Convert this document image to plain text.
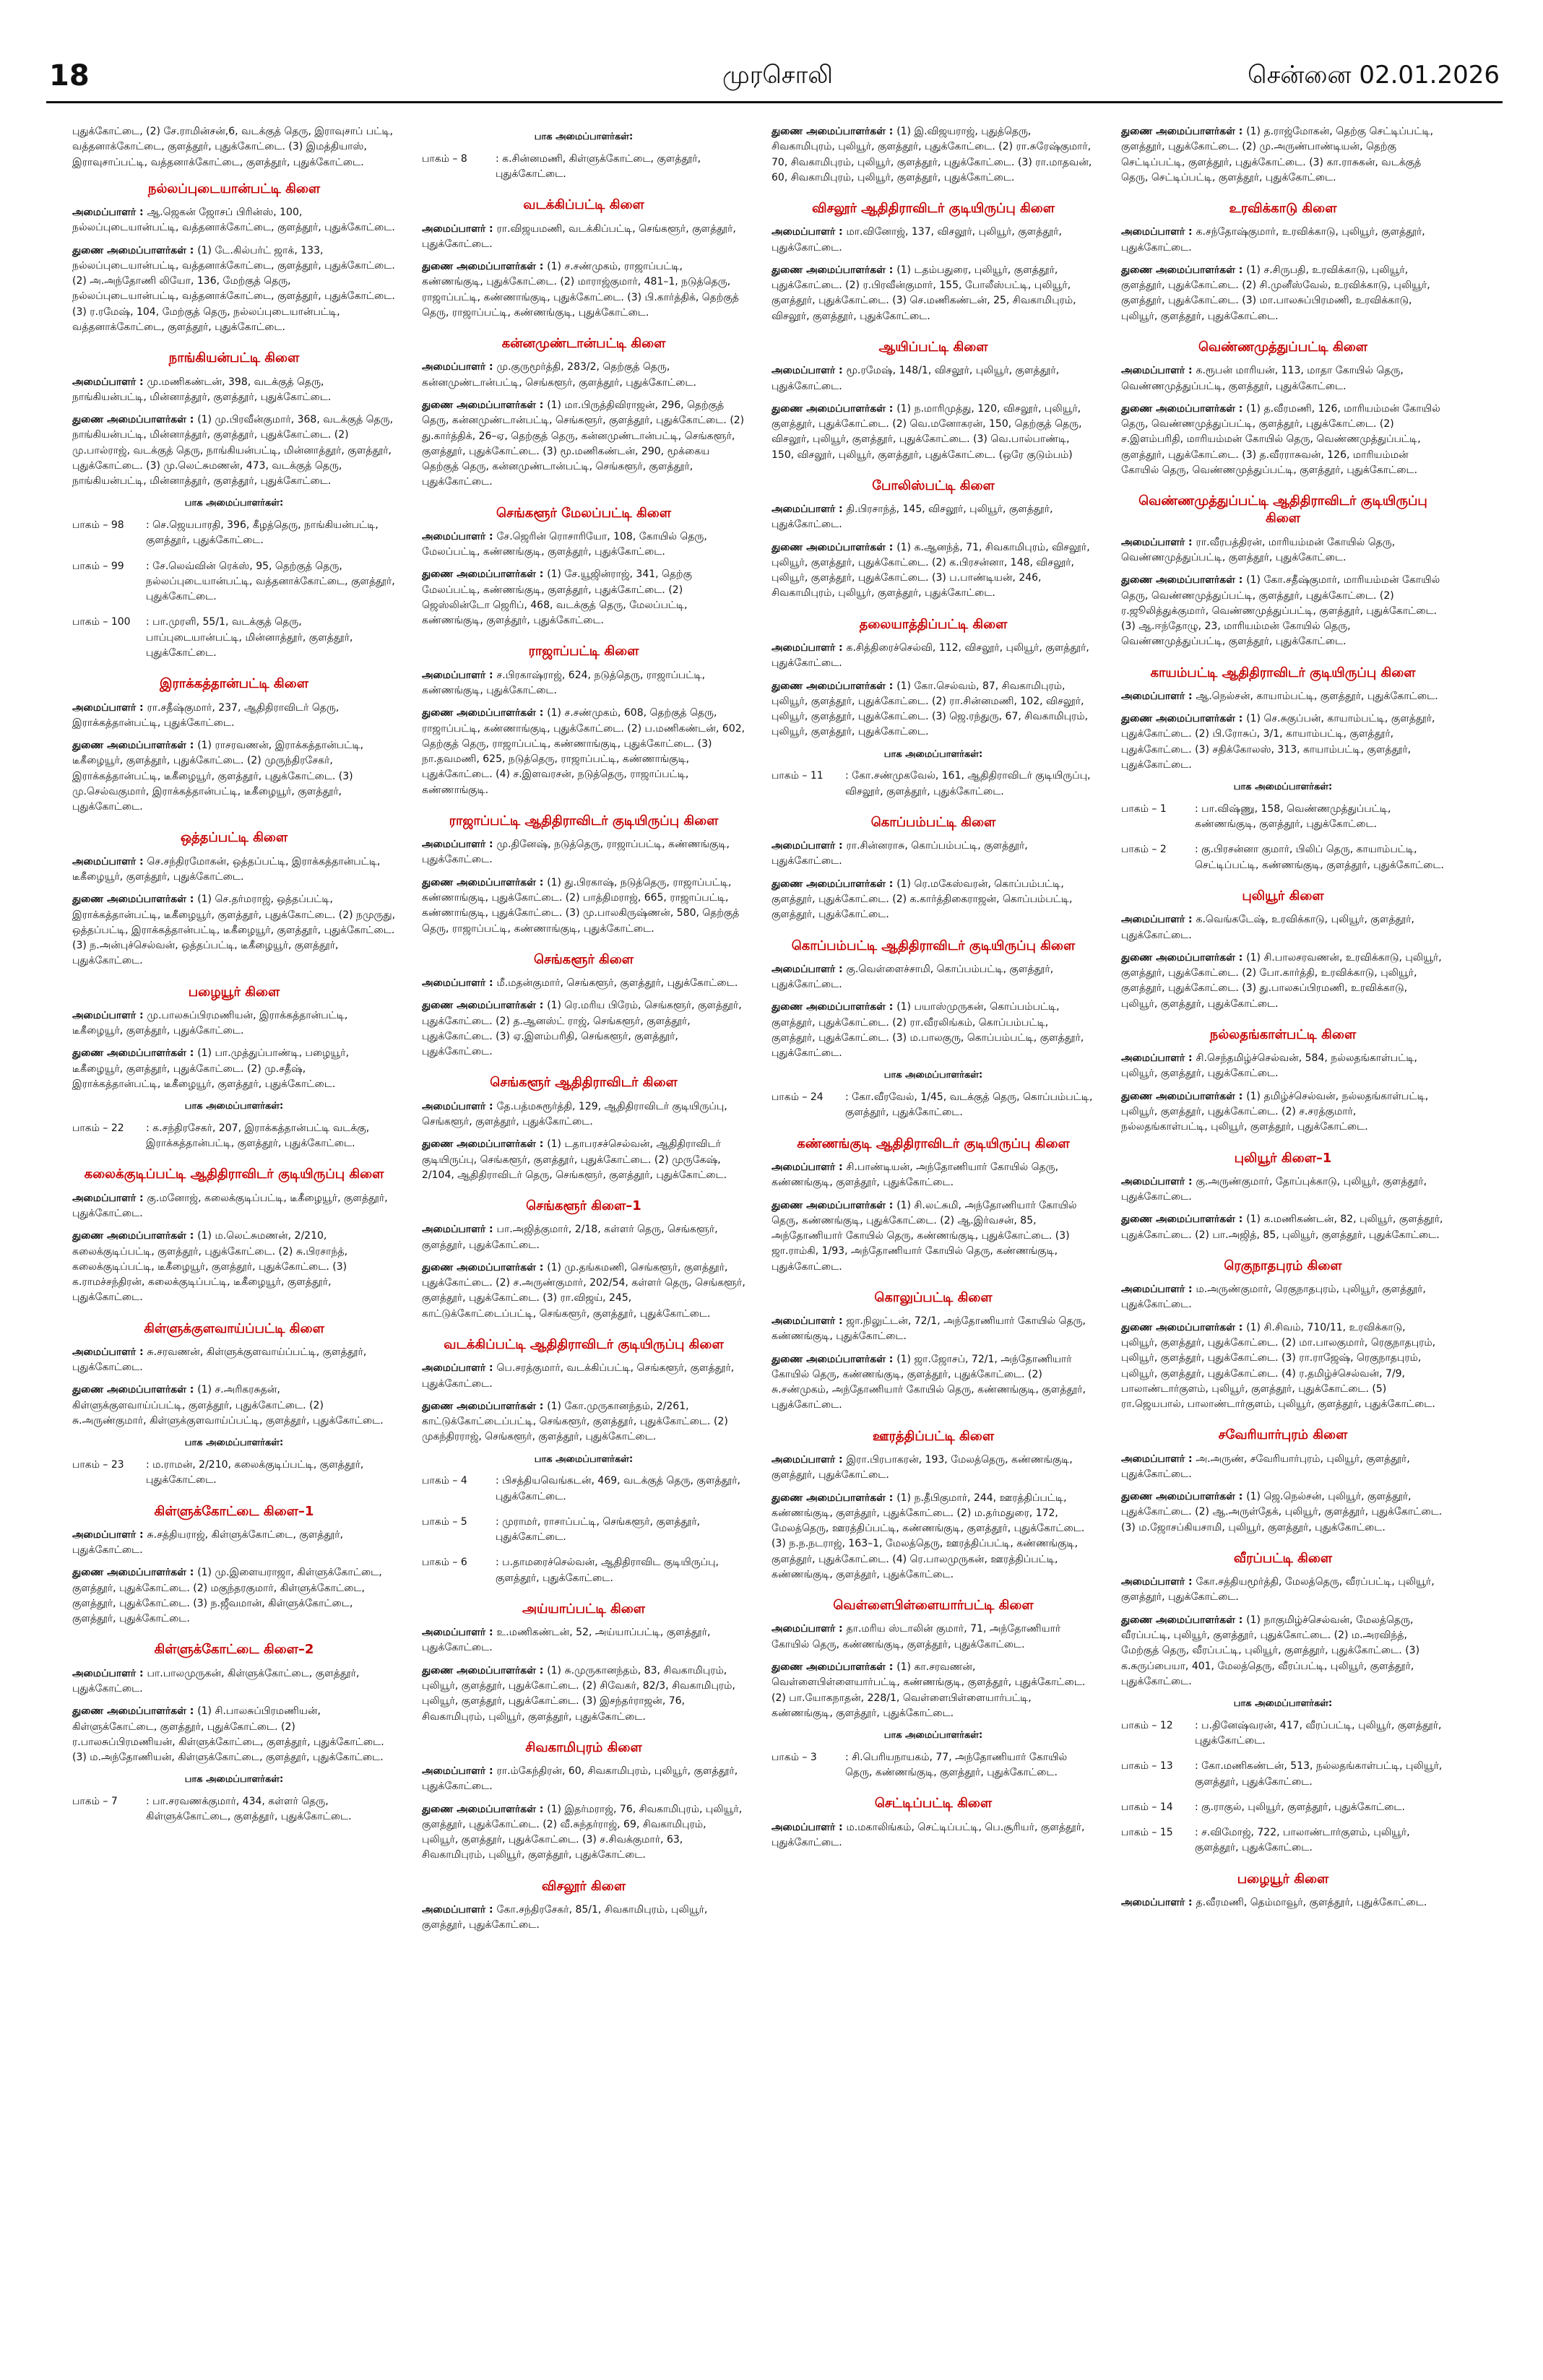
18	முரசொலி	சென்னை 02.01.2026

புதுக்கோட்டை, (2) சே.ராமின்சன்,6, வடக்குத் தெரு, இராவுசாப் பட்டி, வத்தனாக்கோட்டை, குளத்தூர், புதுக்கோட்டை. (3) இமத்தியாஸ், இராவுசாப்பட்டி, வத்தனாக்கோட்டை, குளத்தூர், புதுக்கோட்டை.

நல்லப்புடையான்பட்டி கிளை

அமைப்பாளர் : ஆ.ஜெகன் ஜோசப் பிரின்ஸ், 100, நல்லப்புடையான்பட்டி, வத்தனாக்கோட்டை, குளத்தூர், புதுக்கோட்டை.

துணை அமைப்பாளர்கள் : (1) டே.கில்பர்ட் ஜாக், 133, நல்லப்புடையான்பட்டி, வத்தனாக்கோட்டை, குளத்தூர், புதுக்கோட்டை. (2) அ.அந்தோணி லியோ, 136, மேற்குத் தெரு, நல்லப்புடையான்பட்டி, வத்தனாக்கோட்டை, குளத்தூர், புதுக்கோட்டை. (3) ர.ரமேஷ், 104, மேற்குத் தெரு, நல்லப்புடையான்பட்டி, வத்தனாக்கோட்டை, குளத்தூர், புதுக்கோட்டை.

நாங்கியன்பட்டி கிளை

அமைப்பாளர் : மு.மணிகண்டன், 398, வடக்குத் தெரு, நாங்கியன்பட்டி, மின்னாத்தூர், குளத்தூர், புதுக்கோட்டை.

துணை அமைப்பாளர்கள் : (1) மு.பிரவீன்குமார், 368, வடக்குத் தெரு, நாங்கியன்பட்டி, மின்னாத்தூர், குளத்தூர், புதுக்கோட்டை. (2) மு.பால்ராஜ், வடக்குத் தெரு, நாங்கியன்பட்டி, மின்னாத்தூர், குளத்தூர், புதுக்கோட்டை. (3) மு.லெட்சுமணன், 473, வடக்குத் தெரு, நாங்கியன்பட்டி, மின்னாத்தூர், குளத்தூர், புதுக்கோட்டை.

பாக அமைப்பாளர்கள்:
பாகம் – 98	: செ.ஜெயபாரதி, 396, கீழத்தெரு, நாங்கியன்பட்டி, குளத்தூர், புதுக்கோட்டை.
பாகம் – 99	: சே.லெவ்வின் ரெக்ஸ், 95, தெற்குத் தெரு, நல்லப்புடையான்பட்டி, வத்தனாக்கோட்டை, குளத்தூர், புதுக்கோட்டை.
பாகம் – 100	: பா.முரளி, 55/1, வடக்குத் தெரு, பாப்புடையான்பட்டி, மின்னாத்தூர், குளத்தூர், புதுக்கோட்டை.
இராக்கத்தான்பட்டி கிளை

அமைப்பாளர் : ரா.சதீஷ்குமார், 237, ஆதிதிராவிடர் தெரு, இராக்கத்தான்பட்டி, புதுக்கோட்டை.

துணை அமைப்பாளர்கள் : (1) ராசரவணன், இராக்கத்தான்பட்டி, டீகீழையூர், குளத்தூர், புதுக்கோட்டை. (2) முருந்திரசேகர், இராக்கத்தான்பட்டி, டீகீழையூர், குளத்தூர், புதுக்கோட்டை. (3) மு.செல்வகுமார், இராக்கத்தான்பட்டி, டீகீழையூர், குளத்தூர், புதுக்கோட்டை.

ஒத்தப்பட்டி கிளை

அமைப்பாளர் : செ.சந்திரமோகன், ஒத்தப்பட்டி, இராக்கத்தான்பட்டி, டீகீழையூர், குளத்தூர், புதுக்கோட்டை.

துணை அமைப்பாளர்கள் : (1) செ.தர்மராஜ், ஒத்தப்பட்டி, இராக்கத்தான்பட்டி, டீகீழையூர், குளத்தூர், புதுக்கோட்டை. (2) நமுருது, ஒத்தப்பட்டி, இராக்கத்தான்பட்டி, டீகீழையூர், குளத்தூர், புதுக்கோட்டை. (3) ந.அன்புச்செல்வன், ஒத்தப்பட்டி, டீகீழையூர், குளத்தூர், புதுக்கோட்டை.

பழையூர் கிளை

அமைப்பாளர் : மு.பாலசுப்பிரமணியன், இராக்கத்தான்பட்டி, டீகீழையூர், குளத்தூர், புதுக்கோட்டை.

துணை அமைப்பாளர்கள் : (1) பா.முத்துப்பாண்டி, பழையூர், டீகீழையூர், குளத்தூர், புதுக்கோட்டை. (2) மு.சதீஷ், இராக்கத்தான்பட்டி, டீகீழையூர், குளத்தூர், புதுக்கோட்டை.

பாக அமைப்பாளர்கள்:
பாகம் – 22	: க.சந்திரசேகர், 207, இராக்கத்தான்பட்டி வடக்கு, இராக்கத்தான்பட்டி, குளத்தூர், புதுக்கோட்டை.
கலைக்குடிப்பட்டி ஆதிதிராவிடர் குடியிருப்பு கிளை

அமைப்பாளர் : கு.மனோஜ், கலைக்குடிப்பட்டி, டீகீழையூர், குளத்தூர், புதுக்கோட்டை.

துணை அமைப்பாளர்கள் : (1) ம.லெட்சுமணன், 2/210, கலைக்குடிப்பட்டி, குளத்தூர், புதுக்கோட்டை. (2) சு.பிரசாந்த், கலைக்குடிப்பட்டி, டீகீழையூர், குளத்தூர், புதுக்கோட்டை. (3) க.ராமச்சந்திரன், கலைக்குடிப்பட்டி, டீகீழையூர், குளத்தூர், புதுக்கோட்டை.

கிள்ளுக்குளவாய்ப்பட்டி கிளை

அமைப்பாளர் : சு.சரவணன், கிள்ளுக்குளவாய்ப்பட்டி, குளத்தூர், புதுக்கோட்டை.

துணை அமைப்பாளர்கள் : (1) ச.அரிகரசுதன், கிள்ளுக்குளவாய்ப்பட்டி, குளத்தூர், புதுக்கோட்டை. (2) சு.அருண்குமார், கிள்ளுக்குளவாய்ப்பட்டி, குளத்தூர், புதுக்கோட்டை.

பாக அமைப்பாளர்கள்:
பாகம் – 23	: ம.ராமன், 2/210, கலைக்குடிப்பட்டி, குளத்தூர், புதுக்கோட்டை.
கிள்ளுக்கோட்டை கிளை–1

அமைப்பாளர் : சு.சத்தியராஜ், கிள்ளுக்கோட்டை, குளத்தூர், புதுக்கோட்டை.

துணை அமைப்பாளர்கள் : (1) மு.இளையராஜா, கிள்ளுக்கோட்டை, குளத்தூர், புதுக்கோட்டை. (2) மகுந்தரகுமார், கிள்ளுக்கோட்டை, குளத்தூர், புதுக்கோட்டை. (3) ந.ஜீவமான், கிள்ளுக்கோட்டை, குளத்தூர், புதுக்கோட்டை.

கிள்ளுக்கோட்டை கிளை–2

அமைப்பாளர் : பா.பாலமுருகன், கிள்ளுக்கோட்டை, குளத்தூர், புதுக்கோட்டை.

துணை அமைப்பாளர்கள் : (1) சி.பாலசுப்பிரமணியன், கிள்ளுக்கோட்டை, குளத்தூர், புதுக்கோட்டை. (2) ர.பாலசுப்பிரமணியன், கிள்ளுக்கோட்டை, குளத்தூர், புதுக்கோட்டை. (3) ம.அந்தோணியன், கிள்ளுக்கோட்டை, குளத்தூர், புதுக்கோட்டை.

பாக அமைப்பாளர்கள்:
பாகம் – 7	: பா.சரவணக்குமார், 434, கள்ளர் தெரு, கிள்ளுக்கோட்டை, குளத்தூர், புதுக்கோட்டை.
பாக அமைப்பாளர்கள்:
பாகம் – 8	: க.சின்னமணி, கிள்ளுக்கோட்டை, குளத்தூர், புதுக்கோட்டை.
வடக்கிப்பட்டி கிளை

அமைப்பாளர் : ரா.விஜயமணி, வடக்கிப்பட்டி, செங்களூர், குளத்தூர், புதுக்கோட்டை.

துணை அமைப்பாளர்கள் : (1) ச.சண்முகம், ராஜாப்பட்டி, கண்ணங்குடி, புதுக்கோட்டை. (2) மாராஜ்குமார், 481–1, நடுத்தெரு, ராஜாப்பட்டி, கண்ணாங்குடி, புதுக்கோட்டை. (3) பி.கார்த்திக், தெற்குத் தெரு, ராஜாப்பட்டி, கண்ணங்குடி, புதுக்கோட்டை.

கன்னமுண்டான்பட்டி கிளை

அமைப்பாளர் : மு.குருமூர்த்தி, 283/2, தெற்குத் தெரு, கன்னமுண்டான்பட்டி, செங்களூர், குளத்தூர், புதுக்கோட்டை.

துணை அமைப்பாளர்கள் : (1) மா.பிருத்திவிராஜன், 296, தெற்குத் தெரு, கன்னமுண்டான்பட்டி, செங்களூர், குளத்தூர், புதுக்கோட்டை. (2) து.கார்த்திக், 26–ஏ, தெற்குத் தெரு, கன்னமுண்டான்பட்டி, செங்களூர், குளத்தூர், புதுக்கோட்டை. (3) மூ.மணிகண்டன், 290, மூக்கைய தெற்குத் தெரு, கன்னமுண்டான்பட்டி, செங்களூர், குளத்தூர், புதுக்கோட்டை.

செங்களூர் மேலப்பட்டி கிளை

அமைப்பாளர் : சே.ஜெரின் ரொசாரியோ, 108, கோயில் தெரு, மேலப்பட்டி, கண்ணங்குடி, குளத்தூர், புதுக்கோட்டை.

துணை அமைப்பாளர்கள் : (1) சே.யூஜின்ராஜ், 341, தெற்கு மேலப்பட்டி, கண்ணங்குடி, குளத்தூர், புதுக்கோட்டை. (2) ஜெஸ்லின்டோ ஜெரிப், 468, வடக்குத் தெரு, மேலப்பட்டி, கண்ணங்குடி, குளத்தூர், புதுக்கோட்டை.

ராஜாப்பட்டி கிளை

அமைப்பாளர் : ச.பிரகாஷ்ராஜ், 624, நடுத்தெரு, ராஜாப்பட்டி, கண்ணங்குடி, புதுக்கோட்டை.

துணை அமைப்பாளர்கள் : (1) ச.சண்முகம், 608, தெற்குத் தெரு, ராஜாப்பட்டி, கண்ணாங்குடி, புதுக்கோட்டை. (2) ப.மணிகண்டன், 602, தெற்குத் தெரு, ராஜாப்பட்டி, கண்ணாங்குடி, புதுக்கோட்டை. (3) நா.தவமணி, 625, நடுத்தெரு, ராஜாப்பட்டி, கண்ணாங்குடி, புதுக்கோட்டை. (4) ச.இளவரசன், நடுத்தெரு, ராஜாப்பட்டி, கண்ணாங்குடி.

ராஜாப்பட்டி ஆதிதிராவிடர் குடியிருப்பு கிளை

அமைப்பாளர் : மு.தினேஷ், நடுத்தெரு, ராஜாப்பட்டி, கண்ணங்குடி, புதுக்கோட்டை.

துணை அமைப்பாளர்கள் : (1) து.பிரகாஷ், நடுத்தெரு, ராஜாப்பட்டி, கண்ணாங்குடி, புதுக்கோட்டை. (2) பாத்திமராஜ், 665, ராஜாப்பட்டி, கண்ணாங்குடி, புதுக்கோட்டை. (3) மு.பாலகிருஷ்ணன், 580, தெற்குத் தெரு, ராஜாப்பட்டி, கண்ணாங்குடி, புதுக்கோட்டை.

செங்களூர் கிளை

அமைப்பாளர் : மீ.மதன்குமார், செங்களூர், குளத்தூர், புதுக்கோட்டை.

துணை அமைப்பாளர்கள் : (1) ரெ.மரிய பிரேம், செங்களூர், குளத்தூர், புதுக்கோட்டை. (2) த.ஆனஸ்ட் ராஜ், செங்களூர், குளத்தூர், புதுக்கோட்டை. (3) ஏ.இளம்பரிதி, செங்களூர், குளத்தூர், புதுக்கோட்டை.

செங்களூர் ஆதிதிராவிடர் கிளை

அமைப்பாளர் : தே.பத்மசுரூர்த்தி, 129, ஆதிதிராவிடர் குடியிருப்பு, செங்களூர், குளத்தூர், புதுக்கோட்டை.

துணை அமைப்பாளர்கள் : (1) டதாபரசச்செல்வன், ஆதிதிராவிடர் குடியிருப்பு, செங்களூர், குளத்தூர், புதுக்கோட்டை. (2) முருகேஷ், 2/104, ஆதிதிராவிடர் தெரு, செங்களூர், குளத்தூர், புதுக்கோட்டை.

செங்களூர் கிளை–1

அமைப்பாளர் : பா.அஜித்குமார், 2/18, கள்ளர் தெரு, செங்களூர், குளத்தூர், புதுக்கோட்டை.

துணை அமைப்பாளர்கள் : (1) மு.தங்கமணி, செங்களூர், குளத்தூர், புதுக்கோட்டை. (2) ச.அருண்குமார், 202/54, கள்ளர் தெரு, செங்களூர், குளத்தூர், புதுக்கோட்டை. (3) ரா.விஜய், 245, காட்டுக்கோட்டைப்பட்டி, செங்களூர், குளத்தூர், புதுக்கோட்டை.

வடக்கிப்பட்டி ஆதிதிராவிடர் குடியிருப்பு கிளை

அமைப்பாளர் : பெ.சரத்குமார், வடக்கிப்பட்டி, செங்களூர், குளத்தூர், புதுக்கோட்டை.

துணை அமைப்பாளர்கள் : (1) கோ.முருகானந்தம், 2/261, காட்டுக்கோட்டைப்பட்டி, செங்களூர், குளத்தூர், புதுக்கோட்டை. (2) முகந்திரராஜ், செங்களூர், குளத்தூர், புதுக்கோட்டை.

பாக அமைப்பாளர்கள்:
பாகம் – 4	: பிசத்தியவெங்கடன், 469, வடக்குத் தெரு, குளத்தூர், புதுக்கோட்டை.
பாகம் – 5	: முராமர், ராசாப்பட்டி, செங்களூர், குளத்தூர், புதுக்கோட்டை.
பாகம் – 6	: ப.தாமரைச்செல்வன், ஆதிதிராவிட குடியிருப்பு, குளத்தூர், புதுக்கோட்டை.
அய்யாப்பட்டி கிளை

அமைப்பாளர் : உ.மணிகண்டன், 52, அய்யாப்பட்டி, குளத்தூர், புதுக்கோட்டை.

துணை அமைப்பாளர்கள் : (1) சு.முருகானந்தம், 83, சிவகாமிபுரம், புலியூர், குளத்தூர், புதுக்கோட்டை. (2) சிவேகர், 82/3, சிவகாமிபுரம், புலியூர், குளத்தூர், புதுக்கோட்டை. (3) இசந்தர்ராஜன், 76, சிவகாமிபுரம், புலியூர், குளத்தூர், புதுக்கோட்டை.

சிவகாமிபுரம் கிளை

அமைப்பாளர் : ரா.ம்கேந்திரன், 60, சிவகாமிபுரம், புலியூர், குளத்தூர், புதுக்கோட்டை.

துணை அமைப்பாளர்கள் : (1) இதர்மராஜ், 76, சிவகாமிபுரம், புலியூர், குளத்தூர், புதுக்கோட்டை. (2) வீ.சுந்தர்ராஜ், 69, சிவகாமிபுரம், புலியூர், குளத்தூர், புதுக்கோட்டை. (3) ச.சிவக்குமார், 63, சிவகாமிபுரம், புலியூர், குளத்தூர், புதுக்கோட்டை.

விசலூர் கிளை

அமைப்பாளர் : கோ.சந்திரசேகர், 85/1, சிவகாமிபுரம், புலியூர், குளத்தூர், புதுக்கோட்டை.

துணை அமைப்பாளர்கள் : (1) இ.விஜயராஜ், புதுத்தெரு, சிவகாமிபுரம், புலியூர், குளத்தூர், புதுக்கோட்டை. (2) ரா.சுரேஷ்குமார், 70, சிவகாமிபுரம், புலியூர், குளத்தூர், புதுக்கோட்டை. (3) ரா.மாதவன், 60, சிவகாமிபுரம், புலியூர், குளத்தூர், புதுக்கோட்டை.

விசலூர் ஆதிதிராவிடர் குடியிருப்பு கிளை

அமைப்பாளர் : மா.வினோஜ், 137, விசலூர், புலியூர், குளத்தூர், புதுக்கோட்டை.

துணை அமைப்பாளர்கள் : (1) டதம்பதுரை, புலியூர், குளத்தூர், புதுக்கோட்டை. (2) ர.பிரவீன்குமார், 155, போலீஸ்பட்டி, புலியூர், குளத்தூர், புதுக்கோட்டை. (3) செ.மணிகண்டன், 25, சிவகாமிபுரம், விசலூர், குளத்தூர், புதுக்கோட்டை.

ஆயிப்பட்டி கிளை

அமைப்பாளர் : மூ.ரமேஷ், 148/1, விசலூர், புலியூர், குளத்தூர், புதுக்கோட்டை.

துணை அமைப்பாளர்கள் : (1) ந.மாரிமுத்து, 120, விசலூர், புலியூர், குளத்தூர், புதுக்கோட்டை. (2) வெ.மனோகரன், 150, தெற்குத் தெரு, விசலூர், புலியூர், குளத்தூர், புதுக்கோட்டை. (3) வெ.பால்பாண்டி, 150, விசலூர், புலியூர், குளத்தூர், புதுக்கோட்டை. (ஒரே குடும்பம்)

போலிஸ்பட்டி கிளை

அமைப்பாளர் : தி.பிரசாந்த், 145, விசலூர், புலியூர், குளத்தூர், புதுக்கோட்டை.

துணை அமைப்பாளர்கள் : (1) க.ஆனந்த், 71, சிவகாமிபுரம், விசலூர், புலியூர், குளத்தூர், புதுக்கோட்டை. (2) க.பிரசன்னா, 148, விசலூர், புலியூர், குளத்தூர், புதுக்கோட்டை. (3) ப.பாண்டியன், 246, சிவகாமிபுரம், புலியூர், குளத்தூர், புதுக்கோட்டை.

தலையாத்திப்பட்டி கிளை

அமைப்பாளர் : க.சித்திரைச்செல்வி, 112, விசலூர், புலியூர், குளத்தூர், புதுக்கோட்டை.

துணை அமைப்பாளர்கள் : (1) கோ.செல்வம், 87, சிவகாமிபுரம், புலியூர், குளத்தூர், புதுக்கோட்டை. (2) ரா.சின்னமணி, 102, விசலூர், புலியூர், குளத்தூர், புதுக்கோட்டை. (3) ஜெ.ரந்துரு, 67, சிவகாமிபுரம், புலியூர், குளத்தூர், புதுக்கோட்டை.

பாக அமைப்பாளர்கள்:
பாகம் – 11	: கோ.சண்முகவேல், 161, ஆதிதிராவிடர் குடியிருப்பு, விசலூர், குளத்தூர், புதுக்கோட்டை.
கொப்பம்பட்டி கிளை

அமைப்பாளர் : ரா.சின்னராசு, கொப்பம்பட்டி, குளத்தூர், புதுக்கோட்டை.

துணை அமைப்பாளர்கள் : (1) ரெ.மகேஸ்வரன், கொப்பம்பட்டி, குளத்தூர், புதுக்கோட்டை. (2) க.கார்த்திகைராஜன், கொப்பம்பட்டி, குளத்தூர், புதுக்கோட்டை.

கொப்பம்பட்டி ஆதிதிராவிடர் குடியிருப்பு கிளை

அமைப்பாளர் : கு.வெள்ளைச்சாமி, கொப்பம்பட்டி, குளத்தூர், புதுக்கோட்டை.

துணை அமைப்பாளர்கள் : (1) பயாஸ்முருகன், கொப்பம்பட்டி, குளத்தூர், புதுக்கோட்டை. (2) ரா.வீரலிங்கம், கொப்பம்பட்டி, குளத்தூர், புதுக்கோட்டை. (3) ம.பாலகுரு, கொப்பம்பட்டி, குளத்தூர், புதுக்கோட்டை.

பாக அமைப்பாளர்கள்:
பாகம் – 24	: கோ.வீரவேல், 1/45, வடக்குத் தெரு, கொப்பம்பட்டி, குளத்தூர், புதுக்கோட்டை.
கண்ணங்குடி ஆதிதிராவிடர் குடியிருப்பு கிளை

அமைப்பாளர் : சி.பாண்டியன், அந்தோணியார் கோயில் தெரு, கண்ணங்குடி, குளத்தூர், புதுக்கோட்டை.

துணை அமைப்பாளர்கள் : (1) சி.லட்சுமி, அந்தோணியார் கோயில் தெரு, கண்ணங்குடி, புதுக்கோட்டை. (2) ஆ.இர்வசன், 85, அந்தோணியார் கோயில் தெரு, கண்ணங்குடி, புதுக்கோட்டை. (3) ஜா.ராம்கி, 1/93, அந்தோணியார் கோயில் தெரு, கண்ணங்குடி, புதுக்கோட்டை.

கொலுப்பட்டி கிளை

அமைப்பாளர் : ஜா.நிலுட்டன், 72/1, அந்தோணியார் கோயில் தெரு, கண்ணங்குடி, புதுக்கோட்டை.

துணை அமைப்பாளர்கள் : (1) ஜா.ஜோசப், 72/1, அந்தோணியார் கோயில் தெரு, கண்ணங்குடி, குளத்தூர், புதுக்கோட்டை. (2) சு.சண்முகம், அந்தோணியார் கோயில் தெரு, கண்ணங்குடி, குளத்தூர், புதுக்கோட்டை.

ஊரத்திப்பட்டி கிளை

அமைப்பாளர் : இரா.பிரபாகரன், 193, மேலத்தெரு, கண்ணங்குடி, குளத்தூர், புதுக்கோட்டை.

துணை அமைப்பாளர்கள் : (1) ந.தீபிகுமார், 244, ஊரத்திப்பட்டி, கண்ணங்குடி, குளத்தூர், புதுக்கோட்டை. (2) ம.தர்மதுரை, 172, மேலத்தெரு, ஊரத்திப்பட்டி, கண்ணங்குடி, குளத்தூர், புதுக்கோட்டை. (3) ந.ந.நடராஜ், 163–1, மேலத்தெரு, ஊரத்திப்பட்டி, கண்ணங்குடி, குளத்தூர், புதுக்கோட்டை. (4) ரெ.பாலமுருகன், ஊரத்திப்பட்டி, கண்ணங்குடி, குளத்தூர், புதுக்கோட்டை.

வெள்ளைபிள்ளையார்பட்டி கிளை

அமைப்பாளர் : தா.மரிய ஸ்டாலின் குமார், 71, அந்தோணியார் கோயில் தெரு, கண்ணங்குடி, குளத்தூர், புதுக்கோட்டை.

துணை அமைப்பாளர்கள் : (1) கா.சரவணன், வெள்ளைபிள்ளையார்பட்டி, கண்ணங்குடி, குளத்தூர், புதுக்கோட்டை. (2) பா.யோகநாதன், 228/1, வெள்ளைபிள்ளையார்பட்டி, கண்ணங்குடி, குளத்தூர், புதுக்கோட்டை.

பாக அமைப்பாளர்கள்:
பாகம் – 3	: சி.பெரியநாயகம், 77, அந்தோணியார் கோயில் தெரு, கண்ணங்குடி, குளத்தூர், புதுக்கோட்டை.
செட்டிப்பட்டி கிளை

அமைப்பாளர் : ம.மகாலிங்கம், செட்டிப்பட்டி, பெ.சூரியர், குளத்தூர், புதுக்கோட்டை.

துணை அமைப்பாளர்கள் : (1) த.ராஜ்மோகன், தெற்கு செட்டிப்பட்டி, குளத்தூர், புதுக்கோட்டை. (2) மு.அருண்பாண்டியன், தெற்கு செட்டிப்பட்டி, குளத்தூர், புதுக்கோட்டை. (3) கா.ராசுகன், வடக்குத் தெரு, செட்டிப்பட்டி, குளத்தூர், புதுக்கோட்டை.

உரவிக்காடு கிளை

அமைப்பாளர் : க.சந்தோஷ்குமார், உரவிக்காடு, புலியூர், குளத்தூர், புதுக்கோட்டை.

துணை அமைப்பாளர்கள் : (1) ச.சிருபதி, உரவிக்காடு, புலியூர், குளத்தூர், புதுக்கோட்டை. (2) சி.முனீஸ்வேல், உரவிக்காடு, புலியூர், குளத்தூர், புதுக்கோட்டை. (3) மா.பாலசுப்பிரமணி, உரவிக்காடு, புலியூர், குளத்தூர், புதுக்கோட்டை.

வெண்ணமுத்துப்பட்டி கிளை

அமைப்பாளர் : க.ரூபன் மாரியன், 113, மாதா கோயில் தெரு, வெண்ணமுத்துப்பட்டி, குளத்தூர், புதுக்கோட்டை.

துணை அமைப்பாளர்கள் : (1) த.வீரமணி, 126, மாரியம்மன் கோயில் தெரு, வெண்ணமுத்துப்பட்டி, குளத்தூர், புதுக்கோட்டை. (2) ச.இளம்பரிதி, மாரியம்மன் கோயில் தெரு, வெண்ணமுத்துப்பட்டி, குளத்தூர், புதுக்கோட்டை. (3) த.வீரராசுவன், 126, மாரியம்மன் கோயில் தெரு, வெண்ணமுத்துப்பட்டி, குளத்தூர், புதுக்கோட்டை.

வெண்ணமுத்துப்பட்டி ஆதிதிராவிடர் குடியிருப்பு கிளை

அமைப்பாளர் : ரா.வீரபத்திரன், மாரியம்மன் கோயில் தெரு, வெண்ணமுத்துப்பட்டி, குளத்தூர், புதுக்கோட்டை.

துணை அமைப்பாளர்கள் : (1) கோ.சதீஷ்குமார், மாரியம்மன் கோயில் தெரு, வெண்ணமுத்துப்பட்டி, குளத்தூர், புதுக்கோட்டை. (2) ர.ஜூலித்துக்குமார், வெண்ணமுத்துப்பட்டி, குளத்தூர், புதுக்கோட்டை. (3) ஆ.ஈந்தோழு, 23, மாரியம்மன் கோயில் தெரு, வெண்ணமுத்துப்பட்டி, குளத்தூர், புதுக்கோட்டை.

காயம்பட்டி ஆதிதிராவிடர் குடியிருப்பு கிளை

அமைப்பாளர் : ஆ.நெல்சன், காயாம்பட்டி, குளத்தூர், புதுக்கோட்டை.

துணை அமைப்பாளர்கள் : (1) செ.சுகுப்பன், காயாம்பட்டி, குளத்தூர், புதுக்கோட்டை. (2) பி.ரோசுப், 3/1, காயாம்பட்டி, குளத்தூர், புதுக்கோட்டை. (3) சதிக்கோலஸ், 313, காயாம்பட்டி, குளத்தூர், புதுக்கோட்டை.

பாக அமைப்பாளர்கள்:
பாகம் – 1	: பா.விஷ்ணு, 158, வெண்ணமுத்துப்பட்டி, கண்ணங்குடி, குளத்தூர், புதுக்கோட்டை.
பாகம் – 2	: கு.பிரசன்னா குமார், பிலிப் தெரு, காயாம்பட்டி, செட்டிப்பட்டி, கண்ணங்குடி, குளத்தூர், புதுக்கோட்டை.
புலியூர் கிளை

அமைப்பாளர் : க.வெங்கடேஷ், உரவிக்காடு, புலியூர், குளத்தூர், புதுக்கோட்டை.

துணை அமைப்பாளர்கள் : (1) சி.பாலசரவணன், உரவிக்காடு, புலியூர், குளத்தூர், புதுக்கோட்டை. (2) போ.கார்த்தி, உரவிக்காடு, புலியூர், குளத்தூர், புதுக்கோட்டை. (3) து.பாலசுப்பிரமணி, உரவிக்காடு, புலியூர், குளத்தூர், புதுக்கோட்டை.

நல்லதங்காள்பட்டி கிளை

அமைப்பாளர் : சி.செந்தமிழ்ச்செல்வன், 584, நல்லதங்காள்பட்டி, புலியூர், குளத்தூர், புதுக்கோட்டை.

துணை அமைப்பாளர்கள் : (1) தமிழ்ச்செல்வன், நல்லதங்காள்பட்டி, புலியூர், குளத்தூர், புதுக்கோட்டை. (2) ச.சரத்குமார், நல்லதங்காள்பட்டி, புலியூர், குளத்தூர், புதுக்கோட்டை.

புலியூர் கிளை–1

அமைப்பாளர் : கு.அருண்குமார், தோப்புக்காடு, புலியூர், குளத்தூர், புதுக்கோட்டை.

துணை அமைப்பாளர்கள் : (1) க.மணிகண்டன், 82, புலியூர், குளத்தூர், புதுக்கோட்டை. (2) பா.அஜித், 85, புலியூர், குளத்தூர், புதுக்கோட்டை.

ரெகுநாதபுரம் கிளை

அமைப்பாளர் : ம.அருண்குமார், ரெகுநாதபுரம், புலியூர், குளத்தூர், புதுக்கோட்டை.

துணை அமைப்பாளர்கள் : (1) சி.சிவம், 710/11, உரவிக்காடு, புலியூர், குளத்தூர், புதுக்கோட்டை. (2) மா.பாலகுமார், ரெகுநாதபுரம், புலியூர், குளத்தூர், புதுக்கோட்டை. (3) ரா.ராஜேஷ், ரெகுநாதபுரம், புலியூர், குளத்தூர், புதுக்கோட்டை. (4) ர.தமிழ்ச்செல்வன், 7/9, பாலாண்டார்குளம், புலியூர், குளத்தூர், புதுக்கோட்டை. (5) ரா.ஜெயபால், பாலாண்டார்குளம், புலியூர், குளத்தூர், புதுக்கோட்டை.

சவேரியார்புரம் கிளை

அமைப்பாளர் : அ.அருண், சவேரியார்புரம், புலியூர், குளத்தூர், புதுக்கோட்டை.

துணை அமைப்பாளர்கள் : (1) ஜெ.நெல்சன், புலியூர், குளத்தூர், புதுக்கோட்டை. (2) ஆ.அருள்தேக், புலியூர், குளத்தூர், புதுக்கோட்டை. (3) ம.ஜோசப்கியசாமி, புலியூர், குளத்தூர், புதுக்கோட்டை.

வீரப்பட்டி கிளை

அமைப்பாளர் : கோ.சத்தியமூர்த்தி, மேலத்தெரு, வீரப்பட்டி, புலியூர், குளத்தூர், புதுக்கோட்டை.

துணை அமைப்பாளர்கள் : (1) நாகுமிழ்ச்செல்வன், மேலத்தெரு, வீரப்பட்டி, புலியூர், குளத்தூர், புதுக்கோட்டை. (2) ம.அரவிந்த், மேற்குத் தெரு, வீரப்பட்டி, புலியூர், குளத்தூர், புதுக்கோட்டை. (3) க.சுருப்பையா, 401, மேலத்தெரு, வீரப்பட்டி, புலியூர், குளத்தூர், புதுக்கோட்டை.

பாக அமைப்பாளர்கள்:
பாகம் – 12	: ப.தினேஷ்வரன், 417, வீரப்பட்டி, புலியூர், குளத்தூர், புதுக்கோட்டை.
பாகம் – 13	: கோ.மணிகண்டன், 513, நல்லதங்காள்பட்டி, புலியூர், குளத்தூர், புதுக்கோட்டை.
பாகம் – 14	: கு.ராகுல், புலியூர், குளத்தூர், புதுக்கோட்டை.
பாகம் – 15	: ச.விமோஜ், 722, பாலாண்டார்குளம், புலியூர், குளத்தூர், புதுக்கோட்டை.
பழையூர் கிளை

அமைப்பாளர் : த.வீரமணி, தெம்மாவூர், குளத்தூர், புதுக்கோட்டை.
